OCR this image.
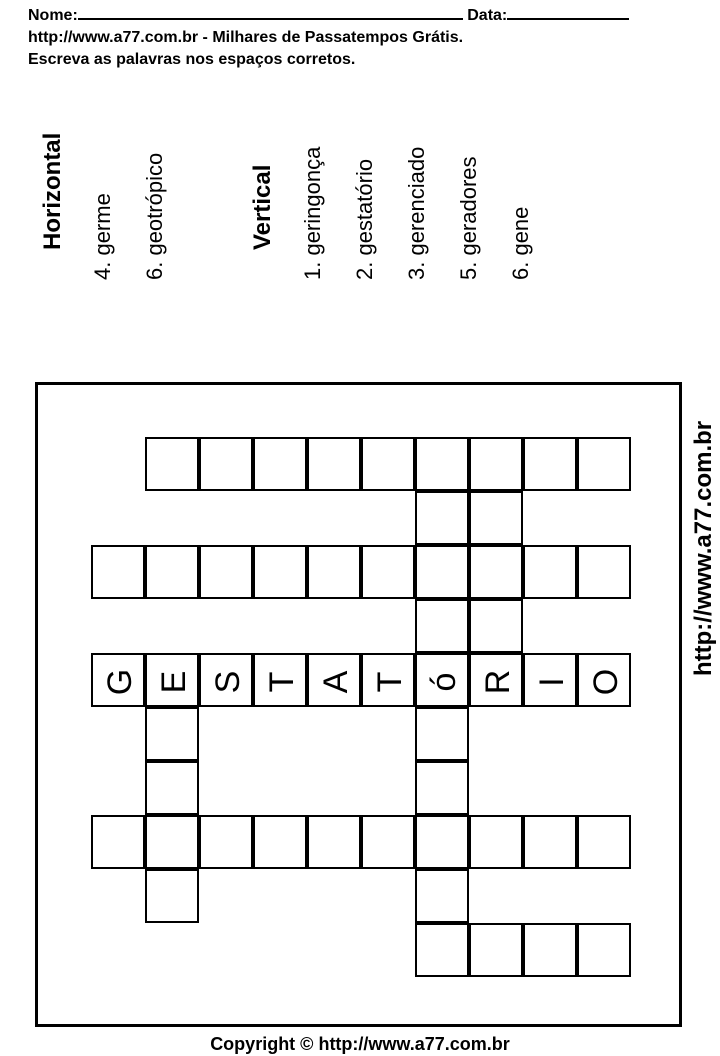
Nome:	Data:
http://www.a77.com.br - Milhares de Passatempos Grátis.
Escreva as palavras nos espaços corretos.
Horizontal 4. germe 6. geotrópico	Vertical 1. geringonça 2. gestatório 3. gerenciado 5. geradores 6. gene
G E S T A T ó R I O
http://www.a77.com.br
Copyright © http://www.a77.com.br
